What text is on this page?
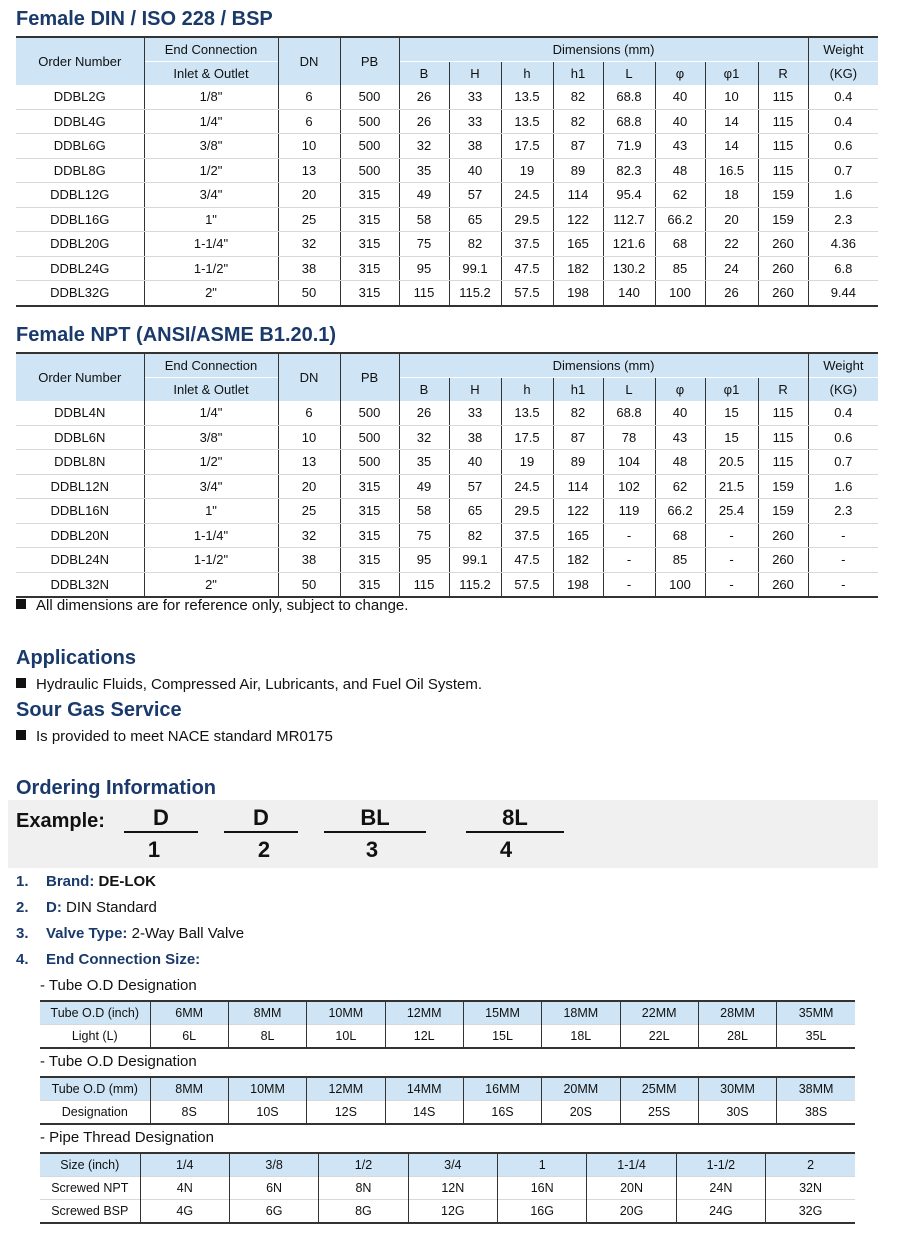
Female DIN / ISO 228 / BSP
Order Number	End Connection	DN	PB	Dimensions (mm)								Weight
	Inlet & Outlet			B	H	h	h1	L	φ	φ1	R	(KG)
DDBL2G	1/8"	6	500	26	33	13.5	82	68.8	40	10	115	0.4
DDBL4G	1/4"	6	500	26	33	13.5	82	68.8	40	14	115	0.4
DDBL6G	3/8"	10	500	32	38	17.5	87	71.9	43	14	115	0.6
DDBL8G	1/2"	13	500	35	40	19	89	82.3	48	16.5	115	0.7
DDBL12G	3/4"	20	315	49	57	24.5	114	95.4	62	18	159	1.6
DDBL16G	1"	25	315	58	65	29.5	122	112.7	66.2	20	159	2.3
DDBL20G	1-1/4"	32	315	75	82	37.5	165	121.6	68	22	260	4.36
DDBL24G	1-1/2"	38	315	95	99.1	47.5	182	130.2	85	24	260	6.8
DDBL32G	2"	50	315	115	115.2	57.5	198	140	100	26	260	9.44
Female NPT (ANSI/ASME B1.20.1)
Order Number	End Connection	DN	PB	Dimensions (mm)								Weight
	Inlet & Outlet			B	H	h	h1	L	φ	φ1	R	(KG)
DDBL4N	1/4"	6	500	26	33	13.5	82	68.8	40	15	115	0.4
DDBL6N	3/8"	10	500	32	38	17.5	87	78	43	15	115	0.6
DDBL8N	1/2"	13	500	35	40	19	89	104	48	20.5	115	0.7
DDBL12N	3/4"	20	315	49	57	24.5	114	102	62	21.5	159	1.6
DDBL16N	1"	25	315	58	65	29.5	122	119	66.2	25.4	159	2.3
DDBL20N	1-1/4"	32	315	75	82	37.5	165	-	68	-	260	-
DDBL24N	1-1/2"	38	315	95	99.1	47.5	182	-	85	-	260	-
DDBL32N	2"	50	315	115	115.2	57.5	198	-	100	-	260	-
All dimensions are for reference only, subject to change.
Applications
Hydraulic Fluids, Compressed Air, Lubricants, and Fuel Oil System.
Sour Gas Service
Is provided to meet NACE standard MR0175
Ordering Information
Example:	D	D	BL	8L
1	2	3	4
1. Brand: DE-LOK
2. D: DIN Standard
3. Valve Type: 2-Way Ball Valve
4. End Connection Size:
- Tube O.D Designation
Tube O.D (inch)	6MM	8MM	10MM	12MM	15MM	18MM	22MM	28MM	35MM
Light (L)	6L	8L	10L	12L	15L	18L	22L	28L	35L
- Tube O.D Designation
Tube O.D (mm)	8MM	10MM	12MM	14MM	16MM	20MM	25MM	30MM	38MM
Designation	8S	10S	12S	14S	16S	20S	25S	30S	38S
- Pipe Thread Designation
Size (inch)	1/4	3/8	1/2	3/4	1	1-1/4	1-1/2	2
Screwed NPT	4N	6N	8N	12N	16N	20N	24N	32N
Screwed BSP	4G	6G	8G	12G	16G	20G	24G	32G
